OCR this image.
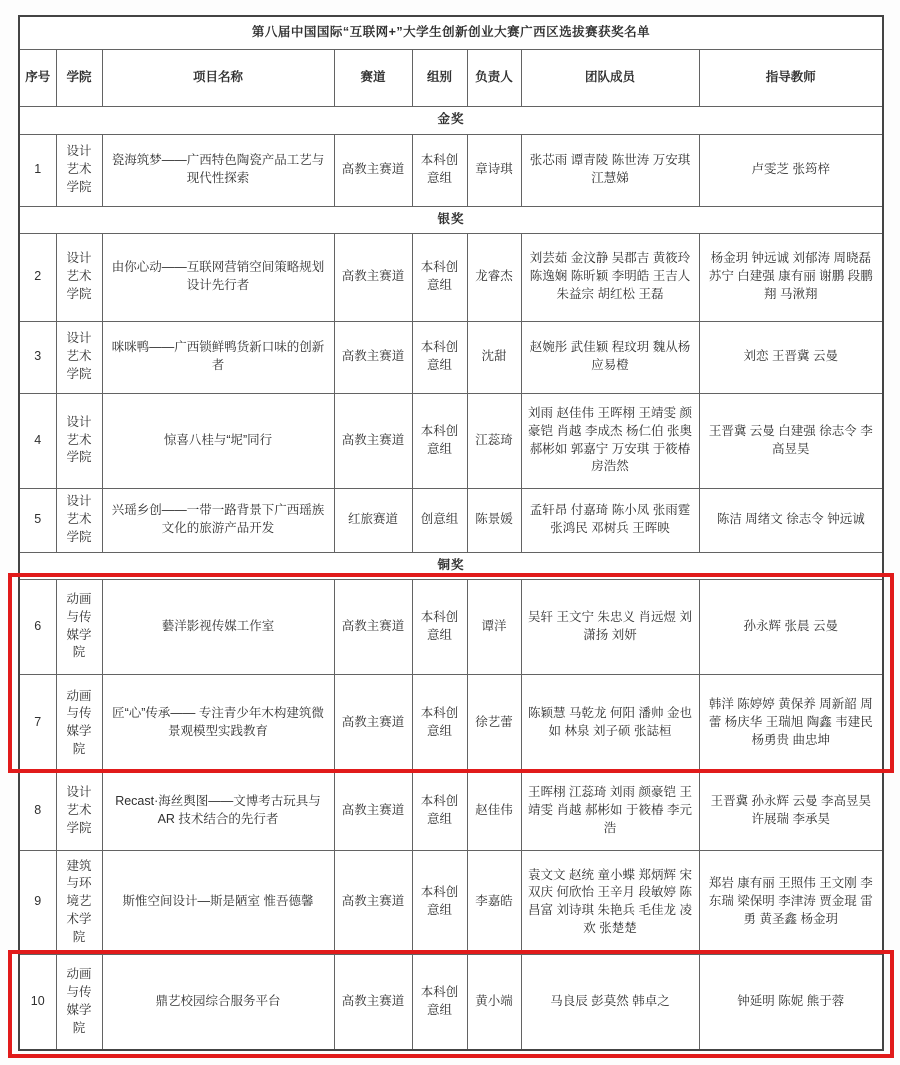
第八届中国国际“互联网+”大学生创新创业大赛广西区选拔赛获奖名单							
序号	学院	项目名称	赛道	组别	负责人	团队成员	指导教师
金奖							
1	设计艺术学院	瓷海筑梦——广西特色陶瓷产品工艺与现代性探索	高教主赛道	本科创意组	章诗琪	张芯雨 谭青陵 陈世涛 万安琪 江慧娣	卢雯芝 张筠梓
银奖							
2	设计艺术学院	由你心动——互联网营销空间策略规划设计先行者	高教主赛道	本科创意组	龙睿杰	刘芸茹 金汶静 吴郡吉 黄筱玲 陈逸娴 陈昕颖 李明皓 王吉人 朱益宗 胡红松 王磊	杨金玥 钟远诚 刘郁涛 周晓磊 苏宁 白建强 康有丽 谢鹏 段鹏翔 马湫翔
3	设计艺术学院	咪咪鸭——广西锁鲜鸭货新口味的创新者	高教主赛道	本科创意组	沈甜	赵婉彤 武佳颖 程玟玥 魏从杨 应易橙	刘恋 王晋冀 云曼
4	设计艺术学院	惊喜八桂与“坭”同行	高教主赛道	本科创意组	江蕊琦	刘雨 赵佳伟 王晖栩 王靖雯 颜豪铠 肖越 李成杰 杨仁伯 张奥 郝彬如 郭嘉宁 万安琪 于筱椿 房浩然	王晋冀 云曼 白建强 徐志令 李高昱昊
5	设计艺术学院	兴瑶乡创——一带一路背景下广西瑶族文化的旅游产品开发	红旅赛道	创意组	陈景媛	孟轩昂 付嘉琦 陈小凤 张雨霆 张鸿民 邓树兵 王晖映	陈洁 周绪文 徐志令 钟远诚
铜奖							
6	动画与传媒学院	藝洋影视传媒工作室	高教主赛道	本科创意组	谭洋	吴轩 王文宁 朱忠义 肖远煜 刘潇扬 刘妍	孙永辉 张晨 云曼
7	动画与传媒学院	匠“心”传承—— 专注青少年木构建筑微景观模型实践教育	高教主赛道	本科创意组	徐艺蕾	陈颖慧 马乾龙 何阳 潘帅 金也如 林泉 刘子硕 张誌桓	韩洋 陈婷婷 黄保养 周新韶 周蕾 杨庆华 王瑞旭 陶鑫 韦建民 杨勇贵 曲忠坤
8	设计艺术学院	Recast·海丝舆图——文博考古玩具与 AR 技术结合的先行者	高教主赛道	本科创意组	赵佳伟	王晖栩 江蕊琦 刘雨 颜豪铠 王靖雯 肖越 郝彬如 于筱椿 李元浩	王晋冀 孙永辉 云曼 李高昱昊 许展瑞 李承昊
9	建筑与环境艺术学院	斯惟空间设计—斯是陋室 惟吾德馨	高教主赛道	本科创意组	李嘉皓	袁文文 赵统 童小蝶 郑炳辉 宋双庆 何欣怡 王辛月 段敏婷 陈昌富 刘诗琪 朱艳兵 毛佳龙 凌欢 张楚楚	郑岩 康有丽 王照伟 王文刚 李东瑞 梁保明 李津涛 贾金琨 雷勇 黄圣鑫 杨金玥
10	动画与传媒学院	鼎艺校园综合服务平台	高教主赛道	本科创意组	黄小端	马良辰 彭莫然 韩卓之	钟延明 陈妮 熊于蓉
